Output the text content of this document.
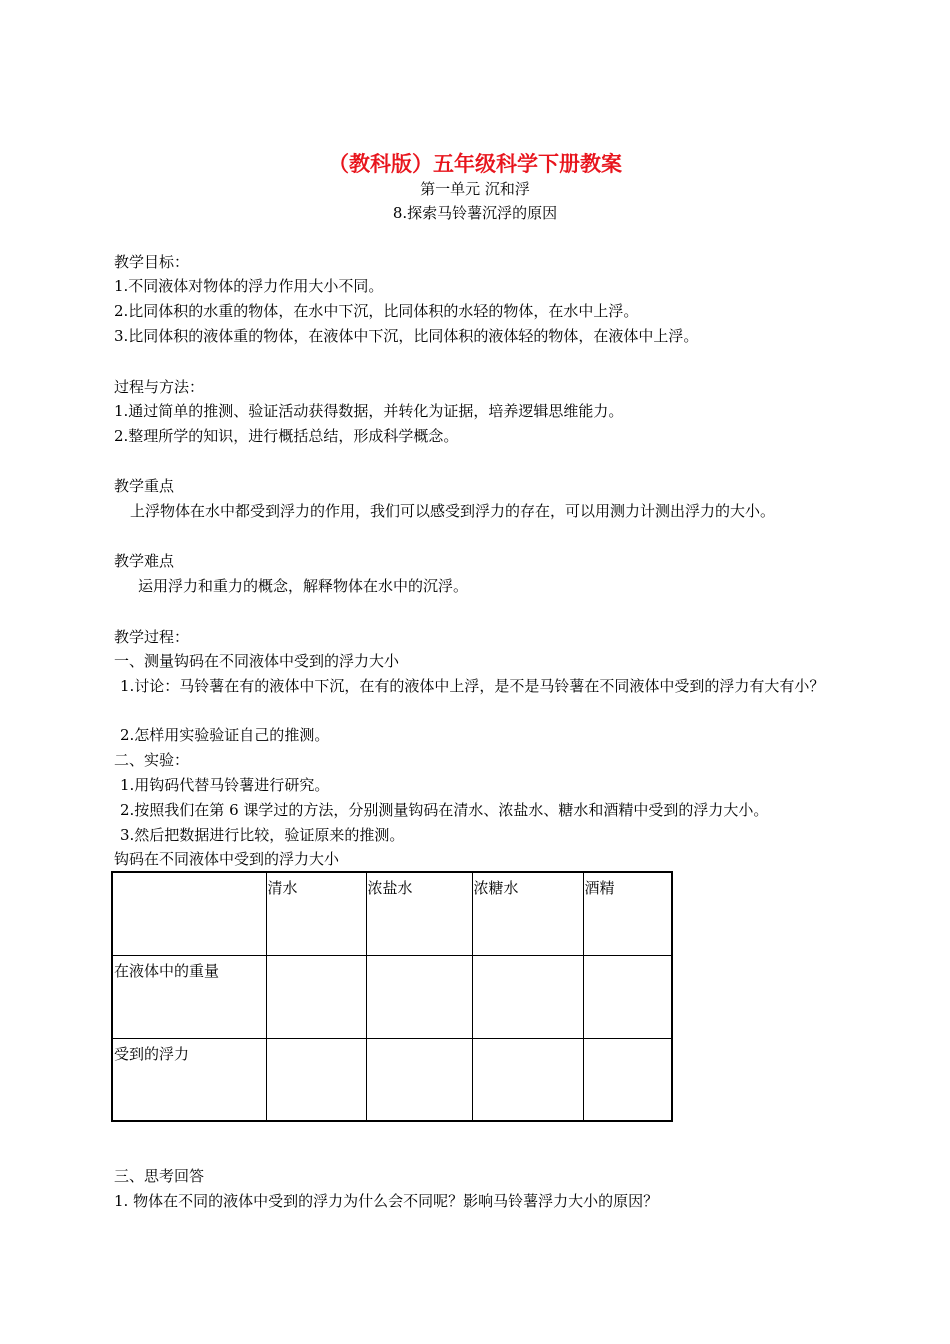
（教科版）五年级科学下册教案
第一单元 沉和浮
8.探索马铃薯沉浮的原因
教学目标：
1.不同液体对物体的浮力作用大小不同。
2.比同体积的水重的物体，在水中下沉，比同体积的水轻的物体，在水中上浮。
3.比同体积的液体重的物体，在液体中下沉，比同体积的液体轻的物体，在液体中上浮。
过程与方法：
1.通过简单的推测、验证活动获得数据，并转化为证据，培养逻辑思维能力。
2.整理所学的知识，进行概括总结，形成科学概念。
教学重点
上浮物体在水中都受到浮力的作用，我们可以感受到浮力的存在，可以用测力计测出浮力的大小。
教学难点
运用浮力和重力的概念，解释物体在水中的沉浮。
教学过程：
一、测量钩码在不同液体中受到的浮力大小
1.讨论：马铃薯在有的液体中下沉，在有的液体中上浮，是不是马铃薯在不同液体中受到的浮力有大有小？
2.怎样用实验验证自己的推测。
二、实验：
1.用钩码代替马铃薯进行研究。
2.按照我们在第 6 课学过的方法，分别测量钩码在清水、浓盐水、糖水和酒精中受到的浮力大小。
3.然后把数据进行比较，验证原来的推测。
钩码在不同液体中受到的浮力大小
	清水	浓盐水	浓糖水	酒精
在液体中的重量				
受到的浮力				
三、思考回答
1. 物体在不同的液体中受到的浮力为什么会不同呢？影响马铃薯浮力大小的原因？
